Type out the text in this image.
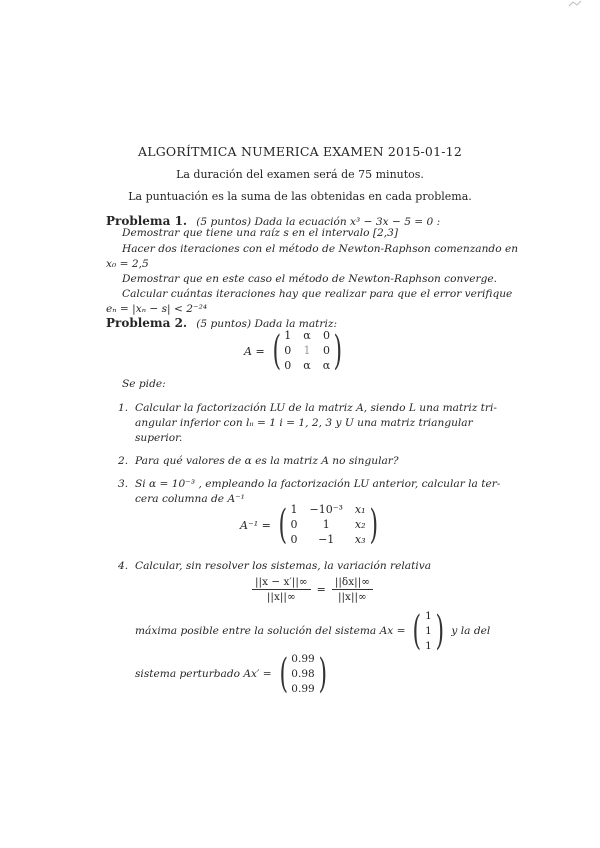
ALGORÍTMICA NUMERICA EXAMEN 2015-01-12
La duración del examen será de 75 minutos.
La puntuación es la suma de las obtenidas en cada problema.
Problema 1. (5 puntos) Dada la ecuación x³ − 3x − 5 = 0 :
Demostrar que tiene una raíz s en el intervalo [2,3]
Hacer dos iteraciones con el método de Newton-Raphson comenzando en
x₀ = 2,5
Demostrar que en este caso el método de Newton-Raphson converge.
Calcular cuántas iteraciones hay que realizar para que el error verifique
eₙ = |xₙ − s| < 2⁻²⁴
Problema 2. (5 puntos) Dada la matriz:
A = ( 1 α 0
0 1 0
0 α α )
Se pide:
1. Calcular la factorización LU de la matriz A, siendo L una matriz tri-
angular inferior con lᵢᵢ = 1 i = 1, 2, 3 y U una matriz triangular
superior.
2. Para qué valores de α es la matriz A no singular?
3. Si α = 10⁻³ , empleando la factorización LU anterior, calcular la ter-
cera columna de A⁻¹
A⁻¹ = ( 1 −10⁻³ x₁
0	1	x₂
0	−1	x₃ )
4. Calcular, sin resolver los sistemas, la variación relativa
$\frac{||x - x'||\infty}{||x||\infty} = \frac{||\delta x||\infty}{||x||\infty}$
máxima posible entre la solución del sistema Ax = ( 1
1
1 ) y la del
sistema perturbado Ax′ = ( 0.99
0.98
0.99 )
